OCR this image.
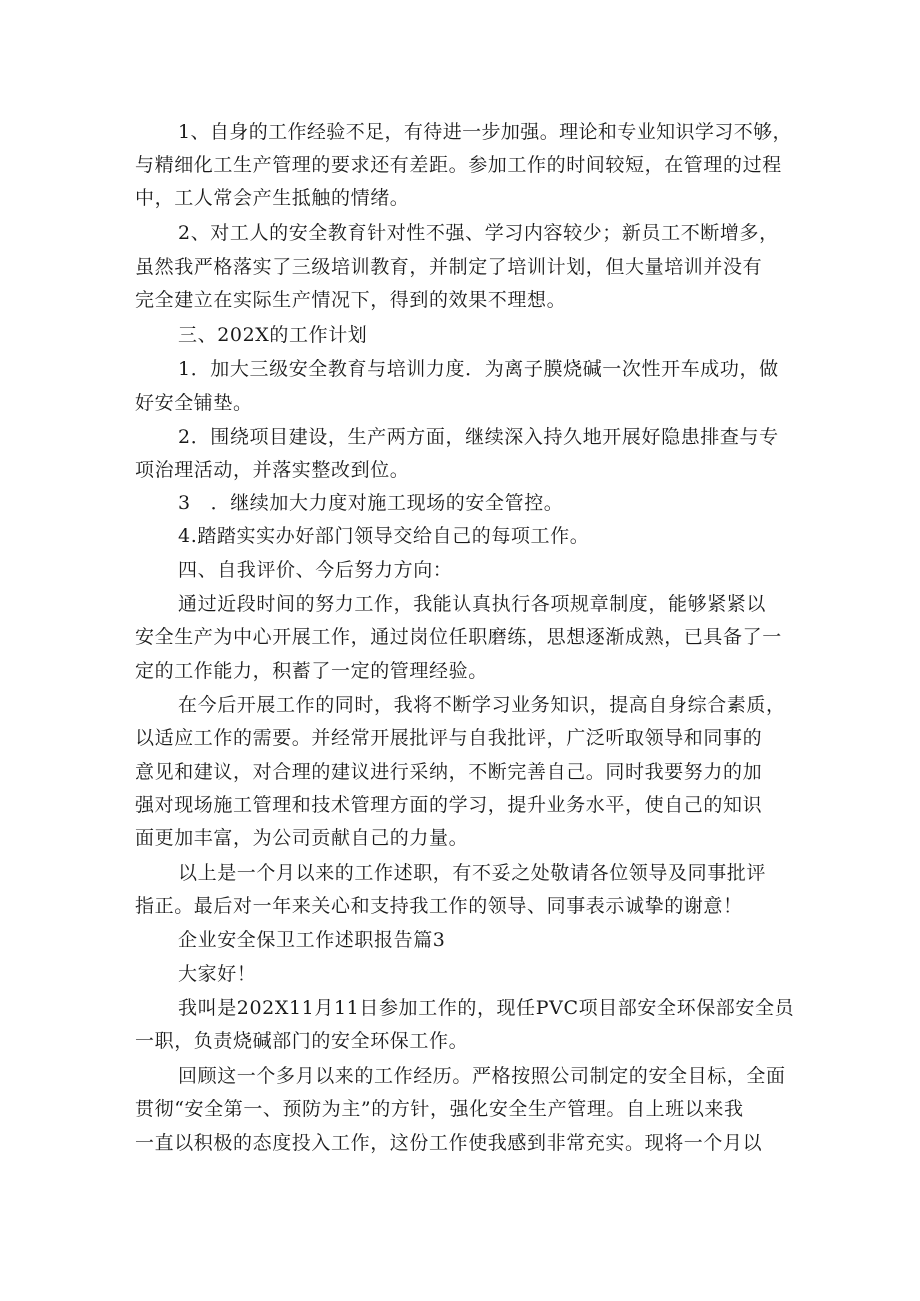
1、自身的工作经验不足，有待进一步加强。理论和专业知识学习不够，
与精细化工生产管理的要求还有差距。参加工作的时间较短，在管理的过程
中，工人常会产生抵触的情绪。
2、对工人的安全教育针对性不强、学习内容较少；新员工不断增多，
虽然我严格落实了三级培训教育，并制定了培训计划，但大量培训并没有
完全建立在实际生产情况下，得到的效果不理想。
三、202X的工作计划
1．加大三级安全教育与培训力度．为离子膜烧碱一次性开车成功，做
好安全铺垫。
2．围绕项目建设，生产两方面，继续深入持久地开展好隐患排查与专
项治理活动，并落实整改到位。
3   ．继续加大力度对施工现场的安全管控。
4.踏踏实实办好部门领导交给自己的每项工作。
四、自我评价、今后努力方向：
通过近段时间的努力工作，我能认真执行各项规章制度，能够紧紧以
安全生产为中心开展工作，通过岗位任职磨练，思想逐渐成熟，已具备了一
定的工作能力，积蓄了一定的管理经验。
在今后开展工作的同时，我将不断学习业务知识，提高自身综合素质，
以适应工作的需要。并经常开展批评与自我批评，广泛听取领导和同事的
意见和建议，对合理的建议进行采纳，不断完善自己。同时我要努力的加
强对现场施工管理和技术管理方面的学习，提升业务水平，使自己的知识
面更加丰富，为公司贡献自己的力量。
以上是一个月以来的工作述职，有不妥之处敬请各位领导及同事批评
指正。最后对一年来关心和支持我工作的领导、同事表示诚挚的谢意！
企业安全保卫工作述职报告篇3
大家好！
我叫是202X11月11日参加工作的，现任PVC项目部安全环保部安全员
一职，负责烧碱部门的安全环保工作。
回顾这一个多月以来的工作经历。严格按照公司制定的安全目标，全面
贯彻“安全第一、预防为主”的方针，强化安全生产管理。自上班以来我
一直以积极的态度投入工作，这份工作使我感到非常充实。现将一个月以
